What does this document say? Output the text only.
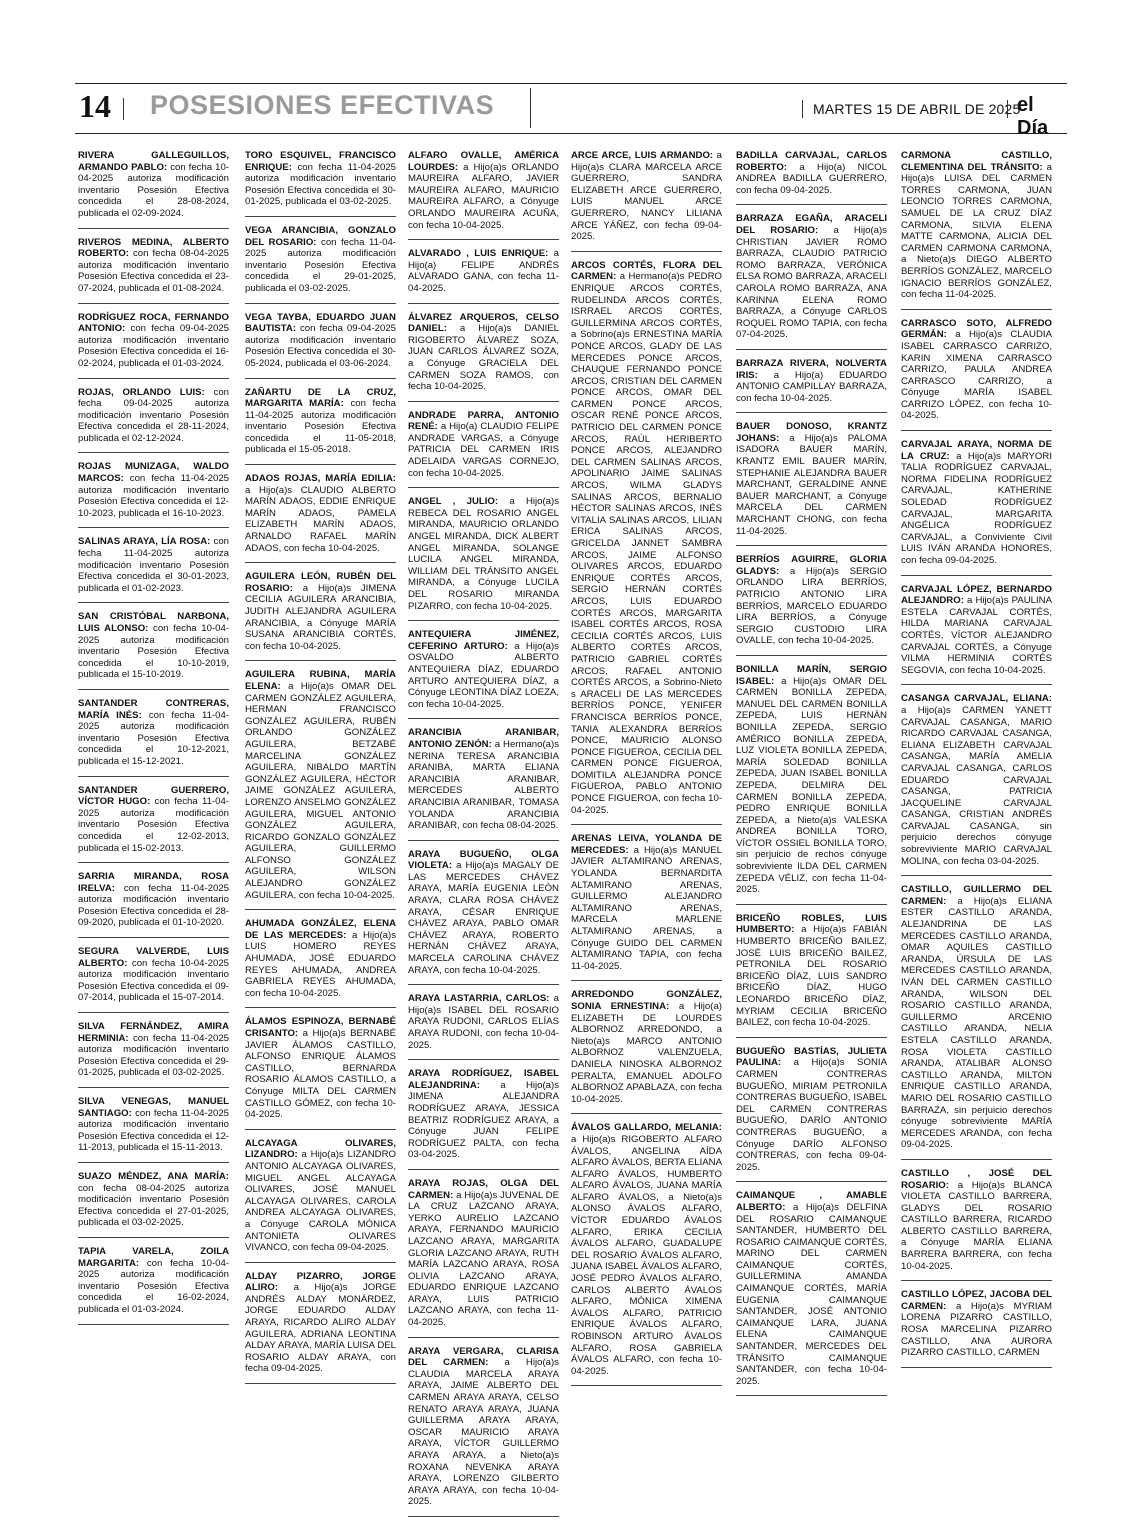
14 POSESIONES EFECTIVAS	MARTES 15 DE ABRIL DE 2025
el Día
RIVERA GALLEGUILLOS, ARMANDO PABLO: con fecha 10-04-2025 autoriza modificación inventario Posesión Efectiva concedida el 28-08-2024, publicada el 02-09-2024.
RIVEROS MEDINA, ALBERTO ROBERTO: con fecha 08-04-2025 autoriza modificación inventario Posesión Efectiva concedida el 23-07-2024, publicada el 01-08-2024.
RODRÍGUEZ ROCA, FERNANDO ANTONIO: con fecha 09-04-2025 autoriza modificación inventario Posesión Efectiva concedida el 16-02-2024, publicada el 01-03-2024.
ROJAS, ORLANDO LUIS: con fecha 09-04-2025 autoriza modificación inventario Posesión Efectiva concedida el 28-11-2024, publicada el 02-12-2024.
ROJAS MUNIZAGA, WALDO MARCOS: con fecha 11-04-2025 autoriza modificación inventario Posesión Efectiva concedida el 12-10-2023, publicada el 16-10-2023.
SALINAS ARAYA, LÍA ROSA: con fecha 11-04-2025 autoriza modificación inventario Posesión Efectiva concedida el 30-01-2023, publicada el 01-02-2023.
SAN CRISTÓBAL NARBONA, LUIS ALONSO: con fecha 10-04-2025 autoriza modificación inventario Posesión Efectiva concedida el 10-10-2019, publicada el 15-10-2019.
SANTANDER CONTRERAS, MARÍA INÉS: con fecha 11-04-2025 autoriza modificación inventario Posesión Efectiva concedida el 10-12-2021, publicada el 15-12-2021.
SANTANDER GUERRERO, VÍCTOR HUGO: con fecha 11-04-2025 autoriza modificación inventario Posesión Efectiva concedida el 12-02-2013, publicada el 15-02-2013.
SARRIA MIRANDA, ROSA IRELVA: con fecha 11-04-2025 autoriza modificación inventario Posesión Efectiva concedida el 28-09-2020, publicada el 01-10-2020.
SEGURA VALVERDE, LUIS ALBERTO: con fecha 10-04-2025 autoriza modificación inventario Posesión Efectiva concedida el 09-07-2014, publicada el 15-07-2014.
SILVA FERNÁNDEZ, AMIRA HERMINIA: con fecha 11-04-2025 autoriza modificación inventario Posesión Efectiva concedida el 29-01-2025, publicada el 03-02-2025.
SILVA VENEGAS, MANUEL SANTIAGO: con fecha 11-04-2025 autoriza modificación inventario Posesión Efectiva concedida el 12-11-2013, publicada el 15-11-2013.
SUAZO MÉNDEZ, ANA MARÍA: con fecha 08-04-2025 autoriza modificación inventario Posesión Efectiva concedida el 27-01-2025, publicada el 03-02-2025.
TAPIA VARELA, ZOILA MARGARITA: con fecha 10-04-2025 autoriza modificación inventario Posesión Efectiva concedida el 16-02-2024, publicada el 01-03-2024.
TORO ESQUIVEL, FRANCISCO ENRIQUE: con fecha 11-04-2025 autoriza modificación inventario Posesión Efectiva concedida el 30-01-2025, publicada el 03-02-2025.
VEGA ARANCIBIA, GONZALO DEL ROSARIO: con fecha 11-04-2025 autoriza modificación inventario Posesión Efectiva concedida el 29-01-2025, publicada el 03-02-2025.
VEGA TAYBA, EDUARDO JUAN BAUTISTA: con fecha 09-04-2025 autoriza modificación inventario Posesión Efectiva concedida el 30-05-2024, publicada el 03-06-2024.
ZAÑARTU DE LA CRUZ, MARGARITA MARÍA: con fecha 11-04-2025 autoriza modificación inventario Posesión Efectiva concedida el 11-05-2018, publicada el 15-05-2018.
ADAOS ROJAS, MARÍA EDILIA: a Hijo(a)s CLAUDIO ALBERTO MARÍN ADAOS, EDDIE ENRIQUE MARÍN ADAOS, PAMELA ELIZABETH MARÍN ADAOS, ARNALDO RAFAEL MARÍN ADAOS, con fecha 10-04-2025.
AGUILERA LEÓN, RUBÉN DEL ROSARIO: a Hijo(a)s JIMENA CECILIA AGUILERA ARANCIBIA, JUDITH ALEJANDRA AGUILERA ARANCIBIA, a Cónyuge MARÍA SUSANA ARANCIBIA CORTÉS, con fecha 10-04-2025.
AGUILERA RUBINA, MARÍA ELENA: a Hijo(a)s OMAR DEL CARMEN GONZÁLEZ AGUILERA, HERMAN FRANCISCO GONZÁLEZ AGUILERA, RUBÉN ORLANDO GONZÁLEZ AGUILERA, BETZABÉ MARCELINA GONZÁLEZ AGUILERA, NIBALDO MARTÍN GONZÁLEZ AGUILERA, HÉCTOR JAIME GONZÁLEZ AGUILERA, LORENZO ANSELMO GONZÁLEZ AGUILERA, MIGUEL ANTONIO GONZÁLEZ AGUILERA, RICARDO GONZALO GONZÁLEZ AGUILERA, GUILLERMO ALFONSO GONZÁLEZ AGUILERA, WILSON ALEJANDRO GONZÁLEZ AGUILERA, con fecha 10-04-2025.
AHUMADA GONZÁLEZ, ELENA DE LAS MERCEDES: a Hijo(a)s LUIS HOMERO REYES AHUMADA, JOSÉ EDUARDO REYES AHUMADA, ANDREA GABRIELA REYES AHUMADA, con fecha 10-04-2025.
ÁLAMOS ESPINOZA, BERNABÉ CRISANTO: a Hijo(a)s BERNABÉ JAVIER ÁLAMOS CASTILLO, ALFONSO ENRIQUE ÁLAMOS CASTILLO, BERNARDA ROSARIO ÁLAMOS CASTILLO, a Cónyuge MILTA DEL CARMEN CASTILLO GÓMEZ, con fecha 10-04-2025.
ALCAYAGA OLIVARES, LIZANDRO: a Hijo(a)s LIZANDRO ANTONIO ALCAYAGA OLIVARES, MIGUEL ANGEL ALCAYAGA OLIVARES, JOSÉ MANUEL ALCAYAGA OLIVARES, CAROLA ANDREA ALCAYAGA OLIVARES, a Cónyuge CAROLA MÓNICA ANTONIETA OLIVARES VIVANCO, con fecha 09-04-2025.
ALDAY PIZARRO, JORGE ALIRO: a Hijo(a)s JORGE ANDRÉS ALDAY MONÁRDEZ, JORGE EDUARDO ALDAY ARAYA, RICARDO ALIRO ALDAY AGUILERA, ADRIANA LEONTINA ALDAY ARAYA, MARÍA LUISA DEL ROSARIO ALDAY ARAYA, con fecha 09-04-2025.
ALFARO OVALLE, AMÉRICA LOURDES: a Hijo(a)s ORLANDO MAUREIRA ALFARO, JAVIER MAUREIRA ALFARO, MAURICIO MAUREIRA ALFARO, a Cónyuge ORLANDO MAUREIRA ACUÑA, con fecha 10-04-2025.
ALVARADO , LUIS ENRIQUE: a Hijo(a) FELIPE ANDRÉS ALVARADO GANA, con fecha 11-04-2025.
ÁLVAREZ ARQUEROS, CELSO DANIEL: a Hijo(a)s DANIEL RIGOBERTO ÁLVAREZ SOZA, JUAN CARLOS ÁLVAREZ SOZA, a Cónyuge GRACIELA DEL CARMEN SOZA RAMOS, con fecha 10-04-2025.
ANDRADE PARRA, ANTONIO RENÉ: a Hijo(a) CLAUDIO FELIPE ANDRADE VARGAS, a Cónyuge PATRICIA DEL CARMEN IRIS ADELAIDA VARGAS CORNEJO, con fecha 10-04-2025.
ANGEL , JULIO: a Hijo(a)s REBECA DEL ROSARIO ANGEL MIRANDA, MAURICIO ORLANDO ANGEL MIRANDA, DICK ALBERT ANGEL MIRANDA, SOLANGE LUCILA ANGEL MIRANDA, WILLIAM DEL TRÁNSITO ANGEL MIRANDA, a Cónyuge LUCILA DEL ROSARIO MIRANDA PIZARRO, con fecha 10-04-2025.
ANTEQUIERA JIMÉNEZ, CEFERINO ARTURO: a Hijo(a)s OSVALDO ALBERTO ANTEQUIERA DÍAZ, EDUARDO ARTURO ANTEQUIERA DÍAZ, a Cónyuge LEONTINA DÍAZ LOEZA, con fecha 10-04-2025.
ARANCIBIA ARANIBAR, ANTONIO ZENÓN: a Hermano(a)s NERINA TERESA ARANCIBIA ARANIBA, MARTA ELIANA ARANCIBIA ARANIBAR, MERCEDES ALBERTO ARANCIBIA ARANIBAR, TOMASA YOLANDA ARANCIBIA ARANIBAR, con fecha 08-04-2025.
ARAYA BUGUEÑO, OLGA VIOLETA: a Hijo(a)s MAGALY DE LAS MERCEDES CHÁVEZ ARAYA, MARÍA EUGENIA LEÓN ARAYA, CLARA ROSA CHÁVEZ ARAYA, CÉSAR ENRIQUE CHÁVEZ ARAYA, PABLO OMAR CHÁVEZ ARAYA, ROBERTO HERNÁN CHÁVEZ ARAYA, MARCELA CAROLINA CHÁVEZ ARAYA, con fecha 10-04-2025.
ARAYA LASTARRIA, CARLOS: a Hijo(a)s ISABEL DEL ROSARIO ARAYA RUDONI, CARLOS ELÍAS ARAYA RUDONI, con fecha 10-04-2025.
ARAYA RODRÍGUEZ, ISABEL ALEJANDRINA: a Hijo(a)s JIMENA ALEJANDRA RODRÍGUEZ ARAYA, JESSICA BEATRIZ RODRÍGUEZ ARAYA, a Cónyuge JUAN FELIPE RODRÍGUEZ PALTA, con fecha 03-04-2025.
ARAYA ROJAS, OLGA DEL CARMEN: a Hijo(a)s JUVENAL DE LA CRUZ LAZCANO ARAYA, YERKO AURELIO LAZCANO ARAYA, FERNANDO MAURICIO LAZCANO ARAYA, MARGARITA GLORIA LAZCANO ARAYA, RUTH MARÍA LAZCANO ARAYA, ROSA OLIVIA LAZCANO ARAYA, EDUARDO ENRIQUE LAZCANO ARAYA, LUIS PATRICIO LAZCANO ARAYA, con fecha 11-04-2025.
ARAYA VERGARA, CLARISA DEL CARMEN: a Hijo(a)s CLAUDIA MARCELA ARAYA ARAYA, JAIME ALBERTO DEL CARMEN ARAYA ARAYA, CELSO RENATO ARAYA ARAYA, JUANA GUILLERMA ARAYA ARAYA, OSCAR MAURICIO ARAYA ARAYA, VÍCTOR GUILLERMO ARAYA ARAYA, a Nieto(a)s ROXANA NEVENKA ARAYA ARAYA, LORENZO GILBERTO ARAYA ARAYA, con fecha 10-04-2025.
ARCE ARCE, LUIS ARMANDO: a Hijo(a)s CLARA MARCELA ARCE GUERRERO, SANDRA ELIZABETH ARCE GUERRERO, LUIS MANUEL ARCE GUERRERO, NANCY LILIANA ARCE YÁÑEZ, con fecha 09-04-2025.
ARCOS CORTÉS, FLORA DEL CARMEN: a Hermano(a)s PEDRO ENRIQUE ARCOS CORTÉS, RUDELINDA ARCOS CORTÉS, ISRRAEL ARCOS CORTÉS, GUILLERMINA ARCOS CORTÉS, a Sobrino(a)s ERNESTINA MARÍA PONCE ARCOS, GLADY DE LAS MERCEDES PONCE ARCOS, CHAUQUE FERNANDO PONCE ARCOS, CRISTIAN DEL CARMEN PONCE ARCOS, OMAR DEL CARMEN PONCE ARCOS, OSCAR RENÉ PONCE ARCOS, PATRICIO DEL CARMEN PONCE ARCOS, RAÚL HERIBERTO PONCE ARCOS, ALEJANDRO DEL CARMEN SALINAS ARCOS, APOLINARIO JAIME SALINAS ARCOS, WILMA GLADYS SALINAS ARCOS, BERNALIO HÉCTOR SALINAS ARCOS, INÉS VITALIA SALINAS ARCOS, LILIAN ERICA SALINAS ARCOS, GRICELDA JANNET SAMBRA ARCOS, JAIME ALFONSO OLIVARES ARCOS, EDUARDO ENRIQUE CORTÉS ARCOS, SERGIO HERNÁN CORTÉS ARCOS, LUIS EDUARDO CORTÉS ARCOS, MARGARITA ISABEL CORTÉS ARCOS, ROSA CECILIA CORTÉS ARCOS, LUIS ALBERTO CORTÉS ARCOS, PATRICIO GABRIEL CORTÉS ARCOS, RAFAEL ANTONIO CORTÉS ARCOS, a Sobrino-Nieto s ARACELI DE LAS MERCEDES BERRÍOS PONCE, YENIFER FRANCISCA BERRÍOS PONCE, TANIA ALEXANDRA BERRÍOS PONCE, MAURICIO ALONSO PONCE FIGUEROA, CECILIA DEL CARMEN PONCE FIGUEROA, DOMITILA ALEJANDRA PONCE FIGUEROA, PABLO ANTONIO PONCE FIGUEROA, con fecha 10-04-2025.
ARENAS LEIVA, YOLANDA DE MERCEDES: a Hijo(a)s MANUEL JAVIER ALTAMIRANO ARENAS, YOLANDA BERNARDITA ALTAMIRANO ARENAS, GUILLERMO ALEJANDRO ALTAMIRANO ARENAS, MARCELA MARLENE ALTAMIRANO ARENAS, a Cónyuge GUIDO DEL CARMEN ALTAMIRANO TAPIA, con fecha 11-04-2025.
ARREDONDO GONZÁLEZ, SONIA ERNESTINA: a Hijo(a) ELIZABETH DE LOURDES ALBORNOZ ARREDONDO, a Nieto(a)s MARCO ANTONIO ALBORNOZ VALENZUELA, DANIELA NINOSKA ALBORNOZ PERALTA, EMANUEL ADOLFO ALBORNOZ APABLAZA, con fecha 10-04-2025.
ÁVALOS GALLARDO, MELANIA: a Hijo(a)s RIGOBERTO ALFARO ÁVALOS, ANGELINA AÍDA ALFARO ÁVALOS, BERTA ELIANA ALFARO ÁVALOS, HUMBERTO ALFARO ÁVALOS, JUANA MARÍA ALFARO ÁVALOS, a Nieto(a)s ALONSO ÁVALOS ALFARO, VÍCTOR EDUARDO ÁVALOS ALFARO, ERIKA CECILIA ÁVALOS ALFARO, GUADALUPE DEL ROSARIO ÁVALOS ALFARO, JUANA ISABEL ÁVALOS ALFARO, JOSÉ PEDRO ÁVALOS ALFARO, CARLOS ALBERTO ÁVALOS ALFARO, MÓNICA XIMENA ÁVALOS ALFARO, PATRICIO ENRIQUE ÁVALOS ALFARO, ROBINSON ARTURO ÁVALOS ALFARO, ROSA GABRIELA ÁVALOS ALFARO, con fecha 10-04-2025.
BADILLA CARVAJAL, CARLOS ROBERTO: a Hijo(a) NICOL ANDREA BADILLA GUERRERO, con fecha 09-04-2025.
BARRAZA EGAÑA, ARACELI DEL ROSARIO: a Hijo(a)s CHRISTIAN JAVIER ROMO BARRAZA, CLAUDIO PATRICIO ROMO BARRAZA, VERÓNICA ELSA ROMO BARRAZA, ARACELI CAROLA ROMO BARRAZA, ANA KARINNA ELENA ROMO BARRAZA, a Cónyuge CARLOS ROQUEL ROMO TAPIA, con fecha 07-04-2025.
BARRAZA RIVERA, NOLVERTA IRIS: a Hijo(a) EDUARDO ANTONIO CAMPILLAY BARRAZA, con fecha 10-04-2025.
BAUER DONOSO, KRANTZ JOHANS: a Hijo(a)s PALOMA ISADORA BAUER MARÍN, KRANTZ EMIL BAUER MARÍN, STEPHANIE ALEJANDRA BAUER MARCHANT, GERALDINE ANNE BAUER MARCHANT, a Cónyuge MARCELA DEL CARMEN MARCHANT CHONG, con fecha 11-04-2025.
BERRÍOS AGUIRRE, GLORIA GLADYS: a Hijo(a)s SERGIO ORLANDO LIRA BERRÍOS, PATRICIO ANTONIO LIRA BERRÍOS, MARCELO EDUARDO LIRA BERRÍOS, a Cónyuge SERGIO CUSTODIO LIRA OVALLE, con fecha 10-04-2025.
BONILLA MARÍN, SERGIO ISABEL: a Hijo(a)s OMAR DEL CARMEN BONILLA ZEPEDA, MANUEL DEL CARMEN BONILLA ZEPEDA, LUIS HERNÁN BONILLA ZEPEDA, SERGIO AMÉRICO BONILLA ZEPEDA, LUZ VIOLETA BONILLA ZEPEDA, MARÍA SOLEDAD BONILLA ZEPEDA, JUAN ISABEL BONILLA ZEPEDA, DELMIRA DEL CARMEN BONILLA ZEPEDA, PEDRO ENRIQUE BONILLA ZEPEDA, a Nieto(a)s VALESKA ANDREA BONILLA TORO, VÍCTOR OSSIEL BONILLA TORO, sin perjuicio de rechos cónyuge sobreviviente ILDA DEL CARMEN ZEPEDA VÉLIZ, con fecha 11-04-2025.
BRICEÑO ROBLES, LUIS HUMBERTO: a Hijo(a)s FABIÁN HUMBERTO BRICEÑO BAILEZ, JOSÉ LUIS BRICEÑO BAILEZ, PETRONILA DEL ROSARIO BRICEÑO DÍAZ, LUIS SANDRO BRICEÑO DÍAZ, HUGO LEONARDO BRICEÑO DÍAZ, MYRIAM CECILIA BRICEÑO BAILEZ, con fecha 10-04-2025.
BUGUEÑO BASTÍAS, JULIETA PAULINA: a Hijo(a)s SONIA CARMEN CONTRERAS BUGUEÑO, MIRIAM PETRONILA CONTRERAS BUGUEÑO, ISABEL DEL CARMEN CONTRERAS BUGUEÑO, DARÍO ANTONIO CONTRERAS BUGUEÑO, a Cónyuge DARÍO ALFONSO CONTRERAS, con fecha 09-04-2025.
CAIMANQUE , AMABLE ALBERTO: a Hijo(a)s DELFINA DEL ROSARIO CAIMANQUE SANTANDER, HUMBERTO DEL ROSARIO CAIMANQUE CORTÉS, MARINO DEL CARMEN CAIMANQUE CORTÉS, GUILLERMINA AMANDA CAIMANQUE CORTÉS, MARÍA EUGENIA CAIMANQUE SANTANDER, JOSÉ ANTONIO CAIMANQUE LARA, JUANA ELENA CAIMANQUE SANTANDER, MERCEDES DEL TRÁNSITO CAIMANQUE SANTANDER, con fecha 10-04-2025.
CARMONA CASTILLO, CLEMENTINA DEL TRÁNSITO: a Hijo(a)s LUISA DEL CARMEN TORRES CARMONA, JUAN LEONCIO TORRES CARMONA, SAMUEL DE LA CRUZ DÍAZ CARMONA, SILVIA ELENA MATTE CARMONA, ALICIA DEL CARMEN CARMONA CARMONA, a Nieto(a)s DIEGO ALBERTO BERRÍOS GONZÁLEZ, MARCELO IGNACIO BERRÍOS GONZÁLEZ, con fecha 11-04-2025.
CARRASCO SOTO, ALFREDO GERMÁN: a Hijo(a)s CLAUDIA ISABEL CARRASCO CARRIZO, KARIN XIMENA CARRASCO CARRIZO, PAULA ANDREA CARRASCO CARRIZO, a Cónyuge MARÍA ISABEL CARRIZO LÓPEZ, con fecha 10-04-2025.
CARVAJAL ARAYA, NORMA DE LA CRUZ: a Hijo(a)s MARYORI TALIA RODRÍGUEZ CARVAJAL, NORMA FIDELINA RODRÍGUEZ CARVAJAL, KATHERINE SOLEDAD RODRÍGUEZ CARVAJAL, MARGARITA ANGÉLICA RODRÍGUEZ CARVAJAL, a Conviviente Civil LUIS IVÁN ARANDA HONORES, con fecha 09-04-2025.
CARVAJAL LÓPEZ, BERNARDO ALEJANDRO: a Hijo(a)s PAULINA ESTELA CARVAJAL CORTÉS, HILDA MARIANA CARVAJAL CORTÉS, VÍCTOR ALEJANDRO CARVAJAL CORTÉS, a Cónyuge VILMA HERMINIA CORTÉS SEGOVIA, con fecha 10-04-2025.
CASANGA CARVAJAL, ELIANA: a Hijo(a)s CARMEN YANETT CARVAJAL CASANGA, MARIO RICARDO CARVAJAL CASANGA, ELIANA ELIZABETH CARVAJAL CASANGA, MARÍA AMELIA CARVAJAL CASANGA, CARLOS EDUARDO CARVAJAL CASANGA, PATRICIA JACQUELINE CARVAJAL CASANGA, CRISTIAN ANDRÉS CARVAJAL CASANGA, sin perjuicio derechos cónyuge sobreviviente MARIO CARVAJAL MOLINA, con fecha 03-04-2025.
CASTILLO, GUILLERMO DEL CARMEN: a Hijo(a)s ELIANA ESTER CASTILLO ARANDA, ALEJANDRINA DE LAS MERCEDES CASTILLO ARANDA, OMAR AQUILES CASTILLO ARANDA, ÚRSULA DE LAS MERCEDES CASTILLO ARANDA, IVÁN DEL CARMEN CASTILLO ARANDA, WILSON DEL ROSARIO CASTILLO ARANDA, GUILLERMO ARCENIO CASTILLO ARANDA, NELIA ESTELA CASTILLO ARANDA, ROSA VIOLETA CASTILLO ARANDA, ATALIBAR ALONSO CASTILLO ARANDA, MILTON ENRIQUE CASTILLO ARANDA, MARIO DEL ROSARIO CASTILLO BARRAZA, sin perjuicio derechos cónyuge sobreviviente MARÍA MERCEDES ARANDA, con fecha 09-04-2025.
CASTILLO , JOSÉ DEL ROSARIO: a Hijo(a)s BLANCA VIOLETA CASTILLO BARRERA, GLADYS DEL ROSARIO CASTILLO BARRERA, RICARDO ALBERTO CASTILLO BARRERA, a Cónyuge MARÍA ELIANA BARRERA BARRERA, con fecha 10-04-2025.
CASTILLO LÓPEZ, JACOBA DEL CARMEN: a Hijo(a)s MYRIAM LORENA PIZARRO CASTILLO, ROSA MARCELINA PIZARRO CASTILLO, ANA AURORA PIZARRO CASTILLO, CARMEN
